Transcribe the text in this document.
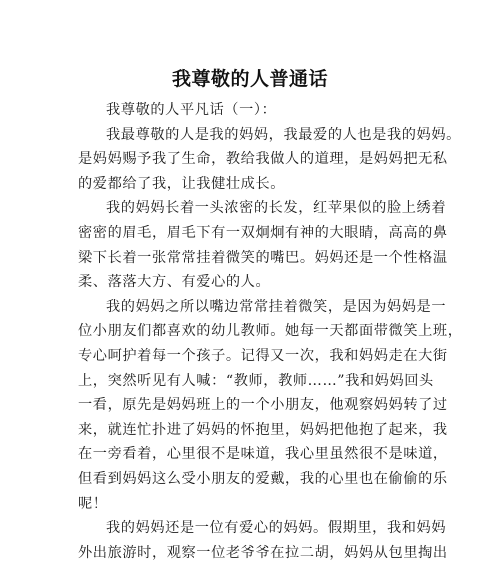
我尊敬的人普通话
我尊敬的人平凡话（一）：
我最尊敬的人是我的妈妈，我最爱的人也是我的妈妈。
是妈妈赐予我了生命，教给我做人的道理，是妈妈把无私
的爱都给了我，让我健壮成长。
我的妈妈长着一头浓密的长发，红苹果似的脸上绣着
密密的眉毛，眉毛下有一双炯炯有神的大眼睛，高高的鼻
梁下长着一张常常挂着微笑的嘴巴。妈妈还是一个性格温
柔、落落大方、有爱心的人。
我的妈妈之所以嘴边常常挂着微笑，是因为妈妈是一
位小朋友们都喜欢的幼儿教师。她每一天都面带微笑上班，
专心呵护着每一个孩子。记得又一次，我和妈妈走在大街
上，突然听见有人喊：“教师，教师……”我和妈妈回头
一看，原先是妈妈班上的一个小朋友，他观察妈妈转了过
来，就连忙扑进了妈妈的怀抱里，妈妈把他抱了起来，我
在一旁看着，心里很不是味道，我心里虽然很不是味道，
但看到妈妈这么受小朋友的爱戴，我的心里也在偷偷的乐
呢！
我的妈妈还是一位有爱心的妈妈。假期里，我和妈妈
外出旅游时，观察一位老爷爷在拉二胡，妈妈从包里掏出
